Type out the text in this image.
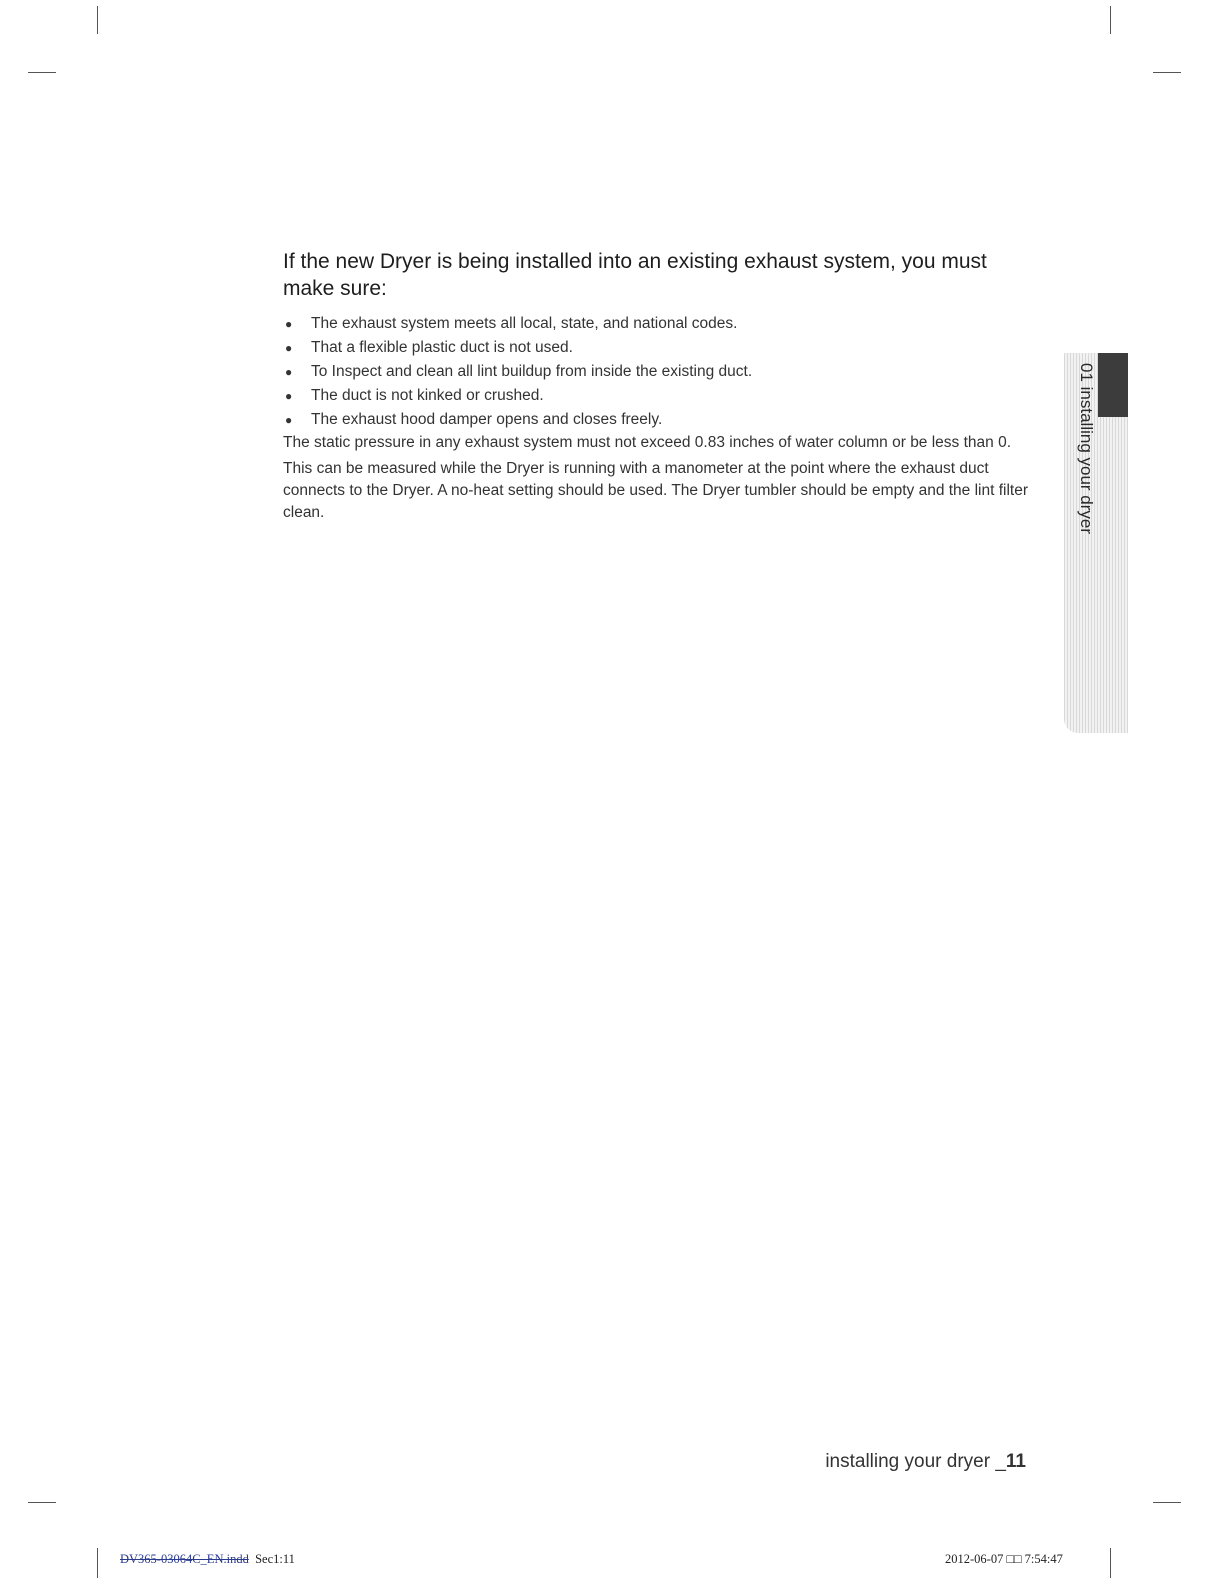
If the new Dryer is being installed into an existing exhaust system, you must make sure:
● The exhaust system meets all local, state, and national codes.
● That a flexible plastic duct is not used.
● To Inspect and clean all lint buildup from inside the existing duct.
● The duct is not kinked or crushed.
● The exhaust hood damper opens and closes freely.

The static pressure in any exhaust system must not exceed 0.83 inches of water column or be less than 0.

This can be measured while the Dryer is running with a manometer at the point where the exhaust duct connects to the Dryer. A no-heat setting should be used. The Dryer tumbler should be empty and the lint filter clean.	01 installing your dryer
installing your dryer _11
DV365-03064C_EN.indd Sec1:11	2012-06-07 □□ 7:54:47
